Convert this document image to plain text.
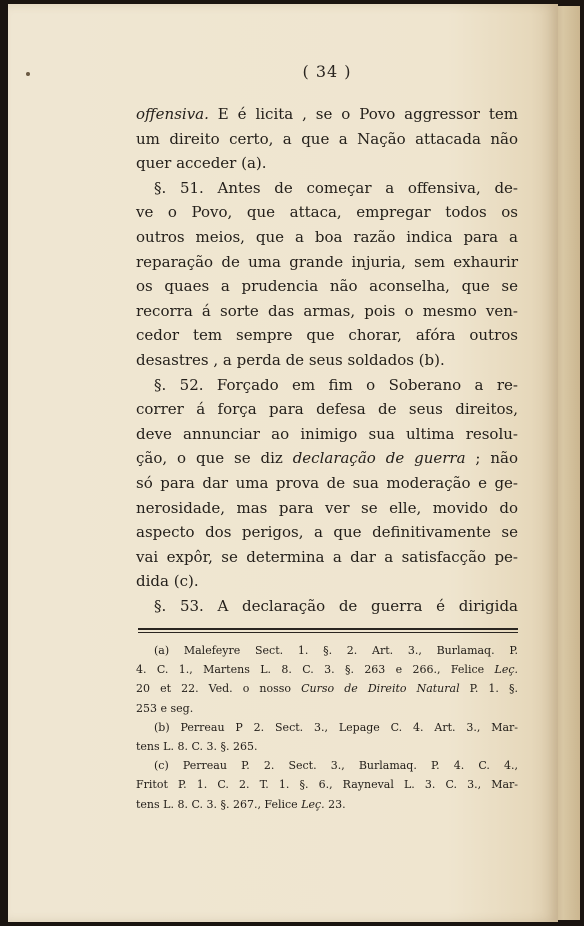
( 34 )
offensiva. E é licita , se o Povo aggressor tem
um direito certo, a que a Nação attacada não
quer acceder (a).
§. 51. Antes de começar a offensiva, de-
ve o Povo, que attaca, empregar todos os
outros meios, que a boa razão indica para a
reparação de uma grande injuria, sem exhaurir
os quaes a prudencia não aconselha, que se
recorra á sorte das armas, pois o mesmo ven-
cedor tem sempre que chorar, afóra outros
desastres , a perda de seus soldados (b).
§. 52. Forçado em fim o Soberano a re-
correr á força para defesa de seus direitos,
deve annunciar ao inimigo sua ultima resolu-
ção, o que se diz declaração de guerra ; não
só para dar uma prova de sua moderação e ge-
nerosidade, mas para ver se elle, movido do
aspecto dos perigos, a que definitivamente se
vai expôr, se determina a dar a satisfacção pe-
dida (c).
§. 53. A declaração de guerra é dirigida
(a) Malefeyre Sect. 1. §. 2. Art. 3., Burlamaq. P.
4. C. 1., Martens L. 8. C. 3. §. 263 e 266., Felice Leç.
20 et 22. Ved. o nosso Curso de Direito Natural P. 1. §.
253 e seg.
(b) Perreau P 2. Sect. 3., Lepage C. 4. Art. 3., Mar-
tens L. 8. C. 3. §. 265.
(c) Perreau P. 2. Sect. 3., Burlamaq. P. 4. C. 4.,
Fritot P. 1. C. 2. T. 1. §. 6., Rayneval L. 3. C. 3., Mar-
tens L. 8. C. 3. §. 267., Felice Leç. 23.
